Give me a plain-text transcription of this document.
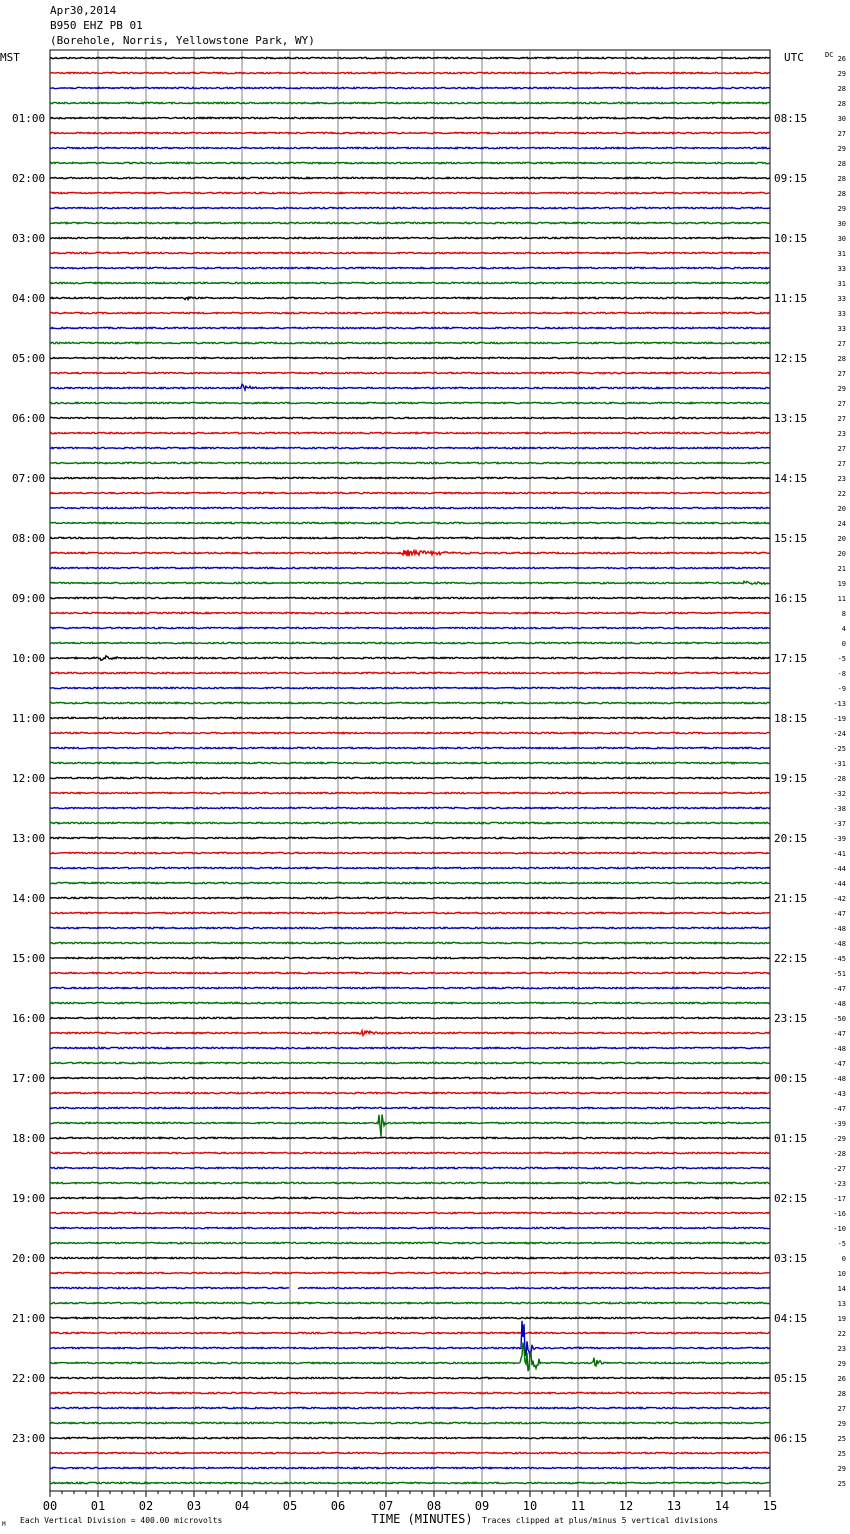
MST	UTC	DC
01:00
02:00
03:00
04:00
05:00
06:00
07:00
08:00
09:00
10:00
11:00
12:00
13:00
14:00
15:00
16:00
17:00
18:00
19:00
20:00
21:00
22:00
23:00
08:15
09:15
10:15
11:15
12:15
13:15
14:15
15:15
16:15
17:15
18:15
19:15
20:15
21:15
22:15
23:15
00:15
01:15
02:15
03:15
04:15
05:15
06:15
26
29
28
28
30
27
29
28
28
28
29
30
30
31
33
31
33
33
33
27
28
27
29
27
27
23
27
27
23
22
20
24
20
20
21
19
11
8
4
0
-5
-8
-9
-13
-19
-24
-25
-31
-28
-32
-38
-37
-39
-41
-44
-44
-42
-47
-48
-48
-45
-51
-47
-48
-50
-47
-48
-47
-48
-43
-47
-39
-29
-28
-27
-23
-17
-16
-10
-5
0
10
14
13
19
22
23
29
26
28
27
29
25
25
29
25
00	01	02	03	04	05	06	07	08	09	10	11	12	13	14	15
TIME (MINUTES)
Each Vertical Division = 400.00 microvolts	Traces clipped at plus/minus 5 vertical divisions
M
Apr30,2014
B950 EHZ PB 01
(Borehole, Norris, Yellowstone Park, WY)
